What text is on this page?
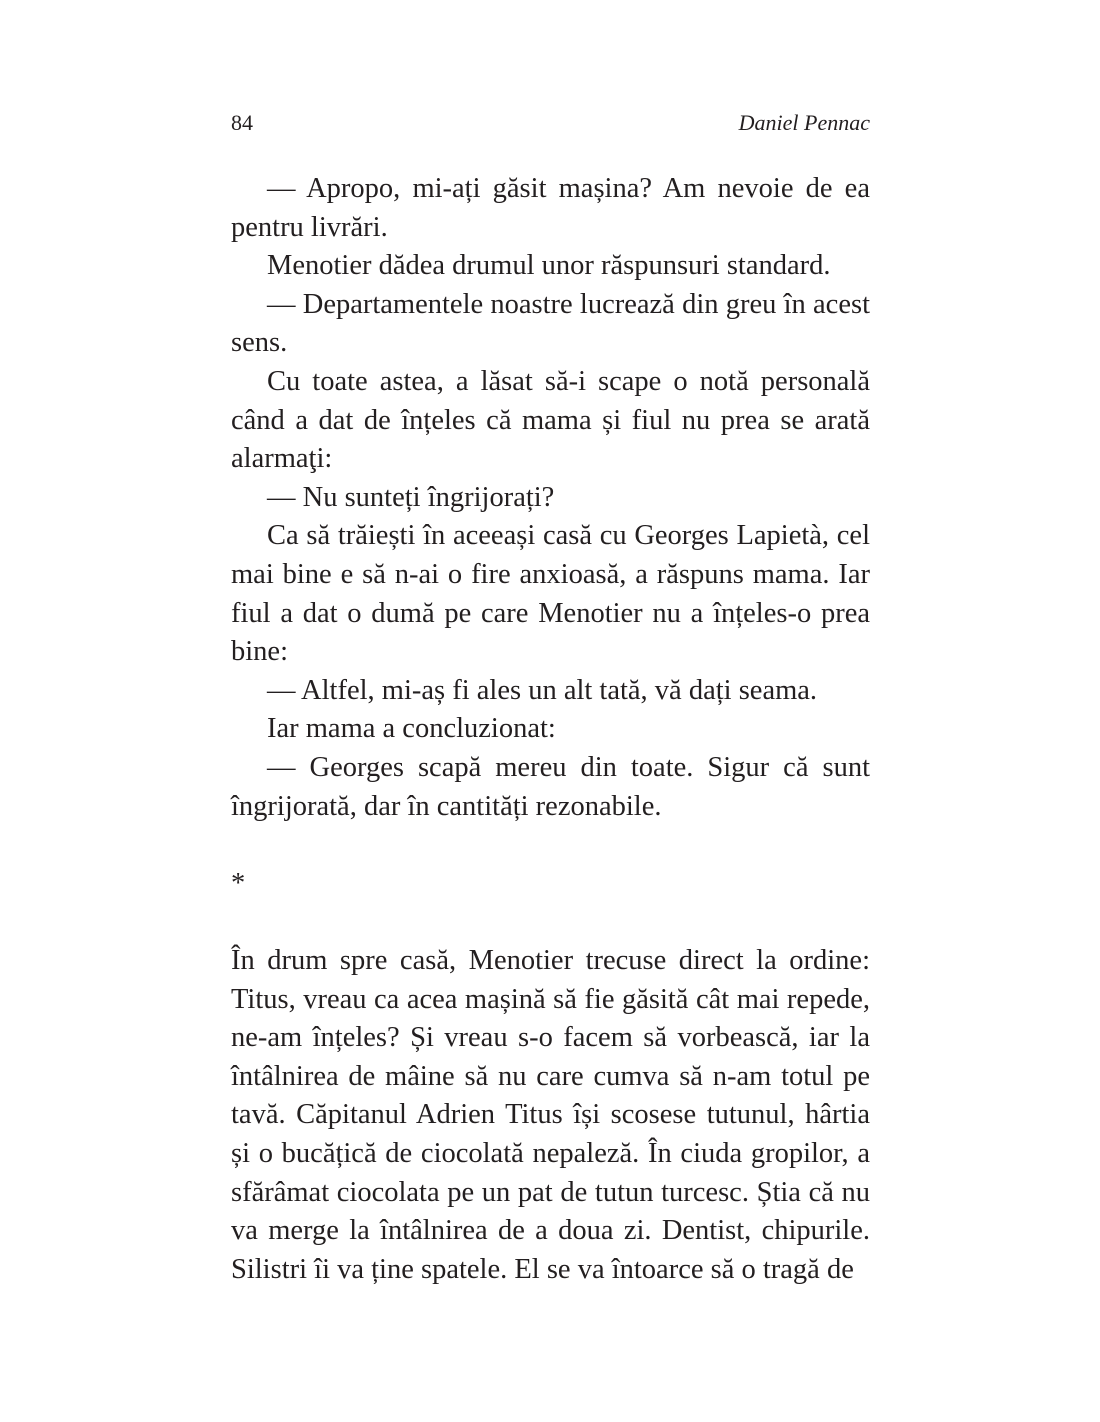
84	Daniel Pennac

— Apropo, mi-ați găsit mașina? Am nevoie de ea pentru livrări.

Menotier dădea drumul unor răspunsuri standard.

— Departamentele noastre lucrează din greu în acest sens.

Cu toate astea, a lăsat să-i scape o notă personală când a dat de înțeles că mama și fiul nu prea se arată alarmaţi:

— Nu sunteți îngrijorați?

Ca să trăiești în aceeași casă cu Georges Lapietà, cel mai bine e să n-ai o fire anxioasă, a răspuns mama. Iar fiul a dat o dumă pe care Menotier nu a înțeles-o prea bine:

— Altfel, mi-aș fi ales un alt tată, vă dați seama.

Iar mama a concluzionat:

— Georges scapă mereu din toate. Sigur că sunt îngrijorată, dar în cantități rezonabile.

*

În drum spre casă, Menotier trecuse direct la ordine: Titus, vreau ca acea mașină să fie găsită cât mai repede, ne-am înțeles? Și vreau s-o facem să vorbească, iar la întâlnirea de mâine să nu care cumva să n-am totul pe tavă. Căpitanul Adrien Titus își scosese tutunul, hârtia și o bucățică de ciocolată nepaleză. În ciuda gropilor, a sfărâmat ciocolata pe un pat de tutun turcesc. Știa că nu va merge la întâlnirea de a doua zi. Dentist, chipurile. Silistri îi va ține spatele. El se va întoarce să o tragă de
